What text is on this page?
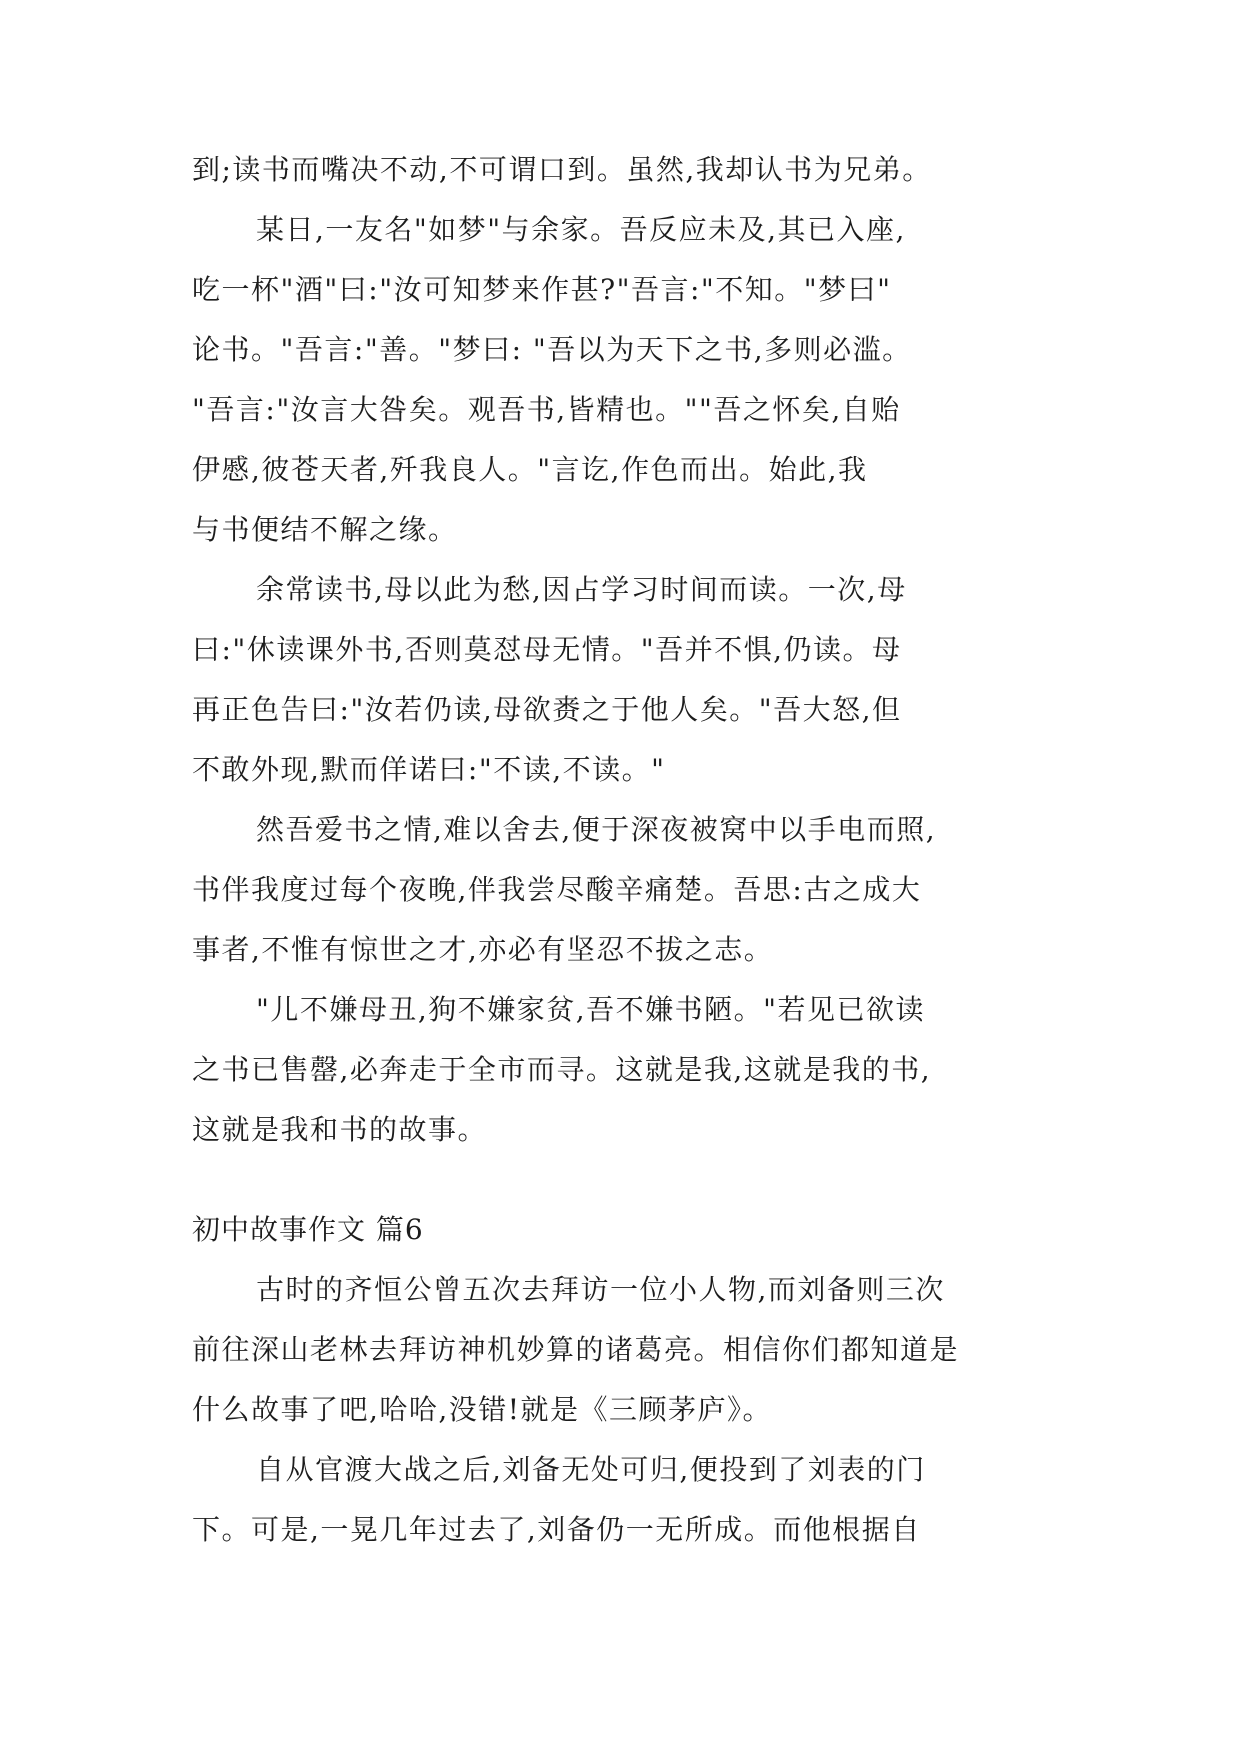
到;读书而嘴决不动,不可谓口到。虽然,我却认书为兄弟。
某日,一友名"如梦"与余家。吾反应未及,其已入座,
吃一杯"酒"曰:"汝可知梦来作甚?"吾言:"不知。"梦曰"
论书。"吾言:"善。"梦曰: "吾以为天下之书,多则必滥。
"吾言:"汝言大咎矣。观吾书,皆精也。""吾之怀矣,自贻
伊慼,彼苍天者,歼我良人。"言讫,作色而出。始此,我
与书便结不解之缘。
余常读书,母以此为愁,因占学习时间而读。一次,母
曰:"休读课外书,否则莫怼母无情。"吾并不惧,仍读。母
再正色告曰:"汝若仍读,母欲赉之于他人矣。"吾大怒,但
不敢外现,默而佯诺曰:"不读,不读。"
然吾爱书之情,难以舍去,便于深夜被窝中以手电而照,
书伴我度过每个夜晚,伴我尝尽酸辛痛楚。吾思:古之成大
事者,不惟有惊世之才,亦必有坚忍不拔之志。
"儿不嫌母丑,狗不嫌家贫,吾不嫌书陋。"若见已欲读
之书已售罄,必奔走于全市而寻。这就是我,这就是我的书,
这就是我和书的故事。
初中故事作文 篇6
古时的齐恒公曾五次去拜访一位小人物,而刘备则三次
前往深山老林去拜访神机妙算的诸葛亮。相信你们都知道是
什么故事了吧,哈哈,没错!就是《三顾茅庐》。
自从官渡大战之后,刘备无处可归,便投到了刘表的门
下。可是,一晃几年过去了,刘备仍一无所成。而他根据自
